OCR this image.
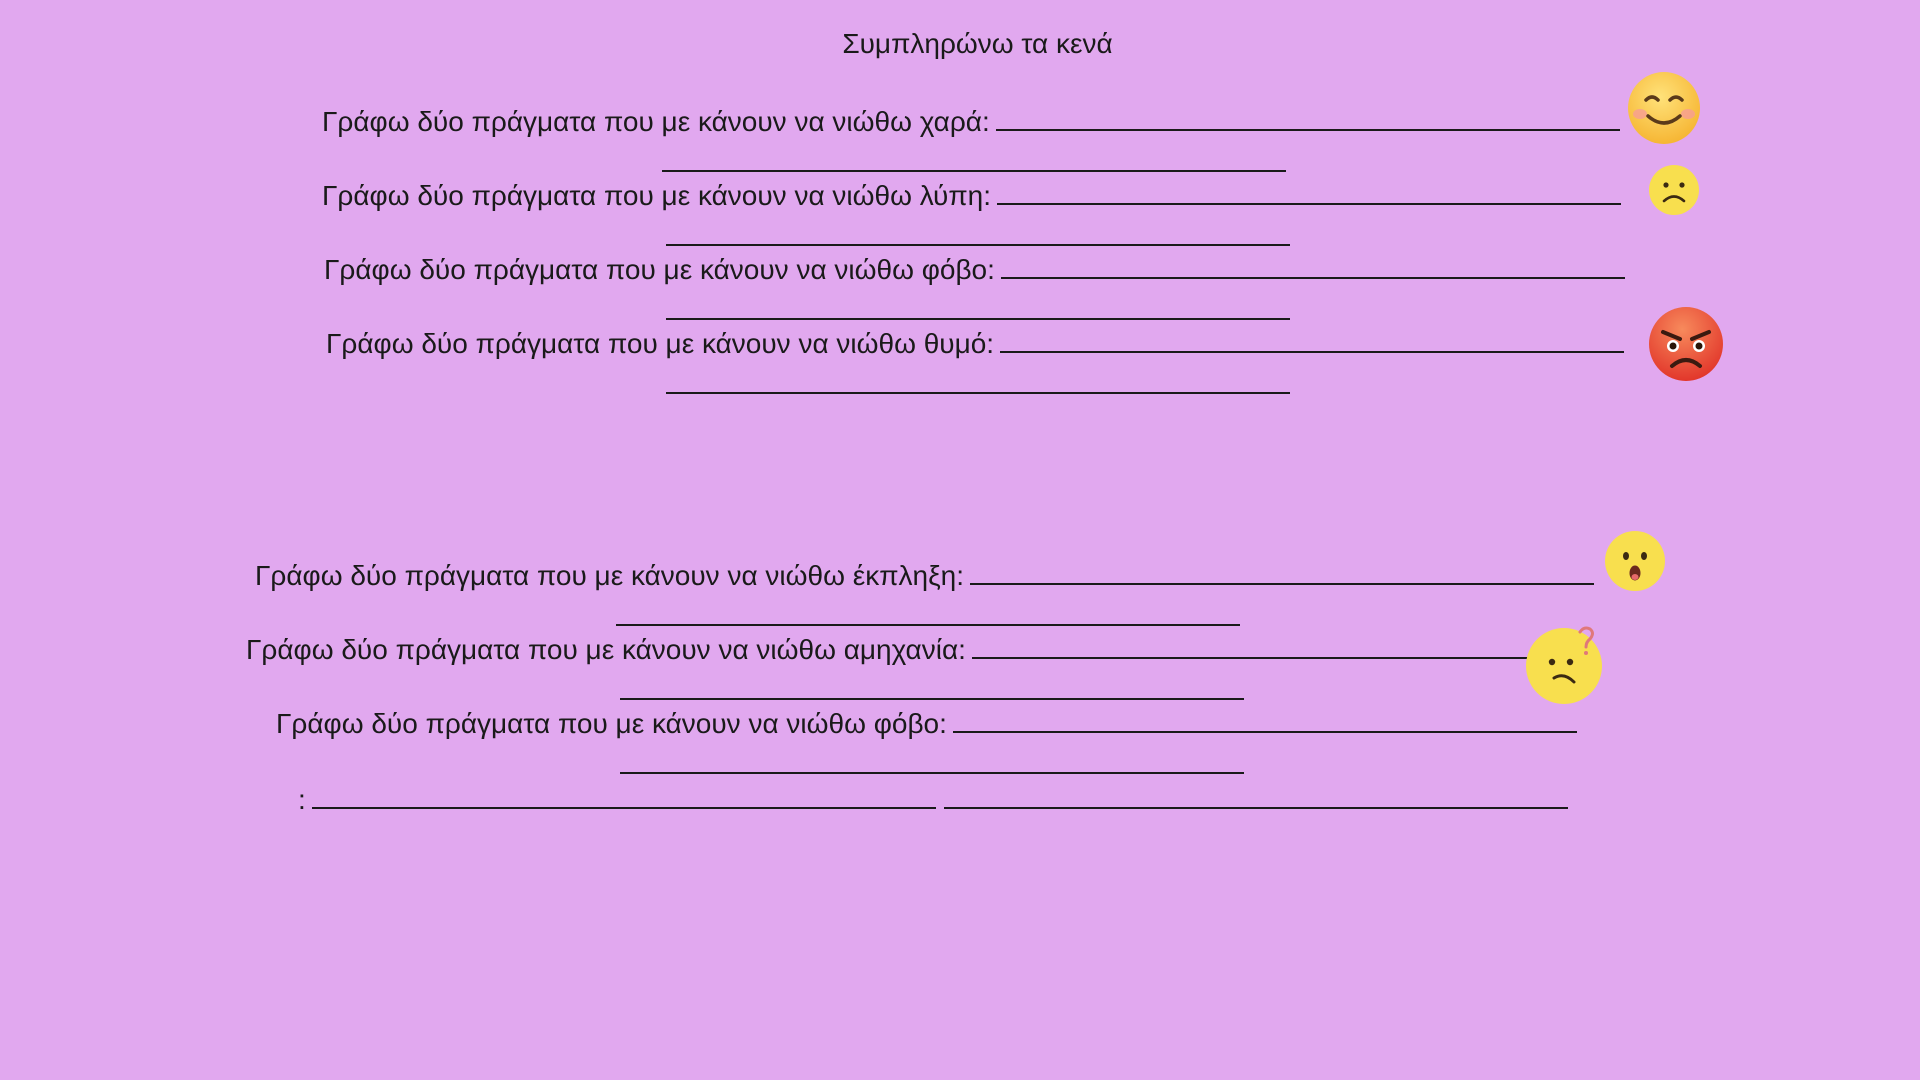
Συμπληρώνω τα κενά
Γράφω δύο πράγματα που με κάνουν να νιώθω χαρά:
Γράφω δύο πράγματα που με κάνουν να νιώθω λύπη:
Γράφω δύο πράγματα που με κάνουν να νιώθω φόβο:
Γράφω δύο πράγματα που με κάνουν να νιώθω θυμό:
Γράφω δύο πράγματα που με κάνουν να νιώθω έκπληξη:
Γράφω δύο πράγματα που με κάνουν να νιώθω αμηχανία:
Γράφω δύο πράγματα που με κάνουν να νιώθω φόβο:
:
